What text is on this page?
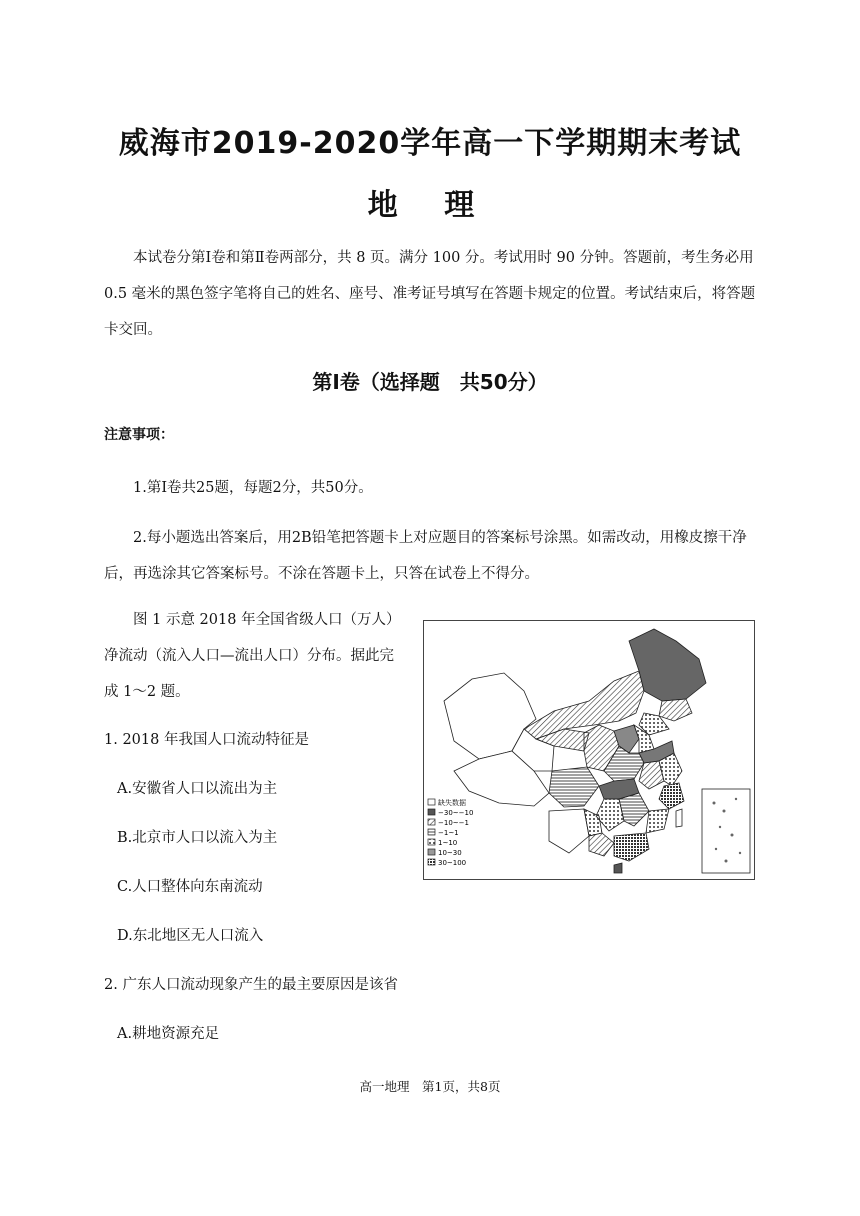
威海市2019-2020学年高一下学期期末考试
地 理
本试卷分第Ⅰ卷和第Ⅱ卷两部分，共 8 页。满分 100 分。考试用时 90 分钟。答题前，考生务必用 0.5 毫米的黑色签字笔将自己的姓名、座号、准考证号填写在答题卡规定的位置。考试结束后，将答题卡交回。
第Ⅰ卷（选择题　共50分）
注意事项：
1.第Ⅰ卷共25题，每题2分，共50分。
2.每小题选出答案后，用2B铅笔把答题卡上对应题目的答案标号涂黑。如需改动，用橡皮擦干净后，再选涂其它答案标号。不涂在答题卡上，只答在试卷上不得分。
图 1 示意 2018 年全国省级人口（万人）净流动（流入人口—流出人口）分布。据此完成 1～2 题。
缺失数据
−30~−10
−10~−1
−1~1
1~10
10~30
30~100
1. 2018 年我国人口流动特征是
A.安徽省人口以流出为主
B.北京市人口以流入为主
C.人口整体向东南流动
D.东北地区无人口流入
2. 广东人口流动现象产生的最主要原因是该省
A.耕地资源充足
高一地理　第1页，共8页
